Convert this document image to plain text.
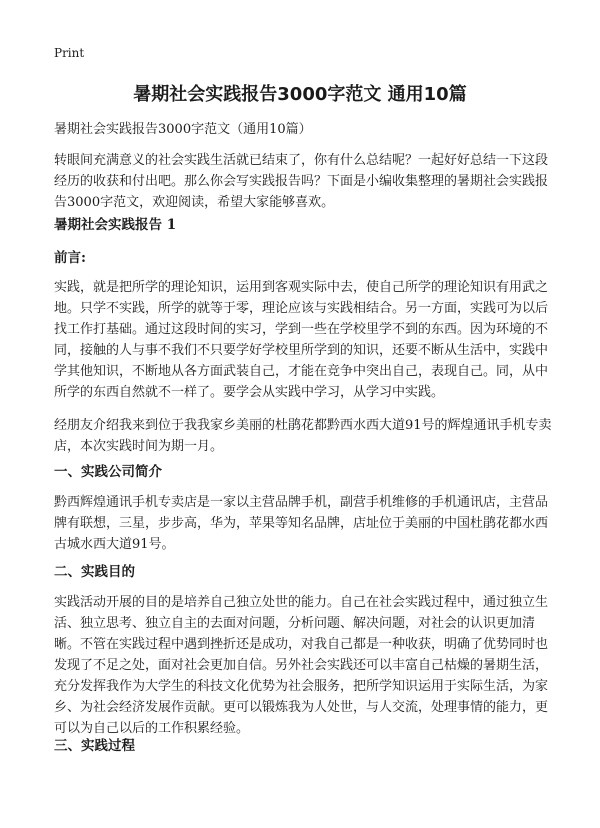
Print
暑期社会实践报告3000字范文 通用10篇

暑期社会实践报告3000字范文（通用10篇）

转眼间充满意义的社会实践生活就已结束了，你有什么总结呢？一起好好总结一下这段经历的收获和付出吧。那么你会写实践报告吗？下面是小编收集整理的暑期社会实践报告3000字范文，欢迎阅读，希望大家能够喜欢。

暑期社会实践报告 1

前言:

实践，就是把所学的理论知识，运用到客观实际中去，使自己所学的理论知识有用武之地。只学不实践，所学的就等于零，理论应该与实践相结合。另一方面，实践可为以后找工作打基础。通过这段时间的实习，学到一些在学校里学不到的东西。因为环境的不同，接触的人与事不我们不只要学好学校里所学到的知识，还要不断从生活中，实践中学其他知识，不断地从各方面武装自己，才能在竞争中突出自己，表现自己。同，从中所学的东西自然就不一样了。要学会从实践中学习，从学习中实践。

经朋友介绍我来到位于我我家乡美丽的杜鹃花都黔西水西大道91号的辉煌通讯手机专卖店，本次实践时间为期一月。

一、实践公司简介

黔西辉煌通讯手机专卖店是一家以主营品牌手机，副营手机维修的手机通讯店，主营品牌有联想，三星，步步高，华为，苹果等知名品牌，店址位于美丽的中国杜鹃花都水西古城水西大道91号。

二、实践目的

实践活动开展的目的是培养自己独立处世的能力。自己在社会实践过程中，通过独立生活、独立思考、独立自主的去面对问题，分析问题、解决问题，对社会的认识更加清晰。不管在实践过程中遇到挫折还是成功，对我自己都是一种收获，明确了优势同时也发现了不足之处，面对社会更加自信。另外社会实践还可以丰富自己枯燥的暑期生活，充分发挥我作为大学生的科技文化优势为社会服务，把所学知识运用于实际生活，为家乡、为社会经济发展作贡献。更可以锻炼我为人处世，与人交流，处理事情的能力，更可以为自己以后的工作积累经验。

三、实践过程
